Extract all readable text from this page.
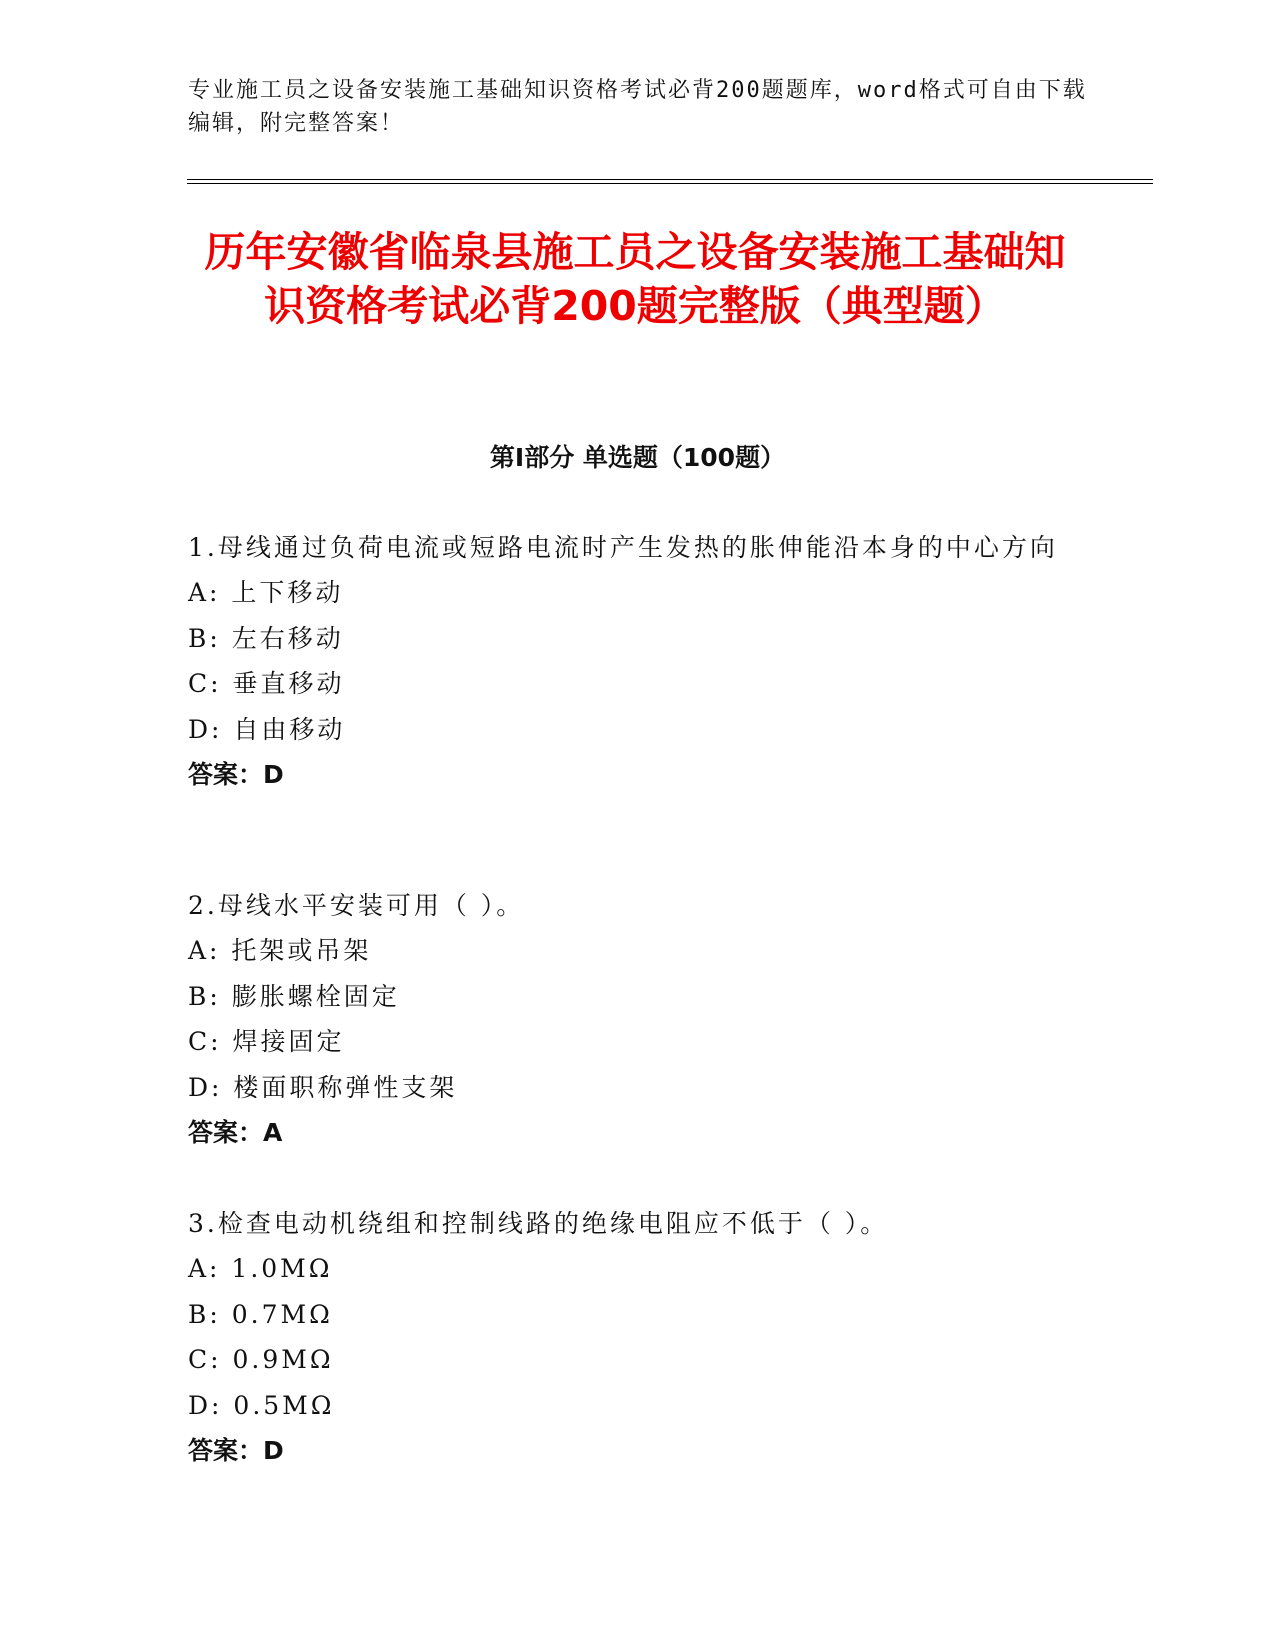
专业施工员之设备安装施工基础知识资格考试必背200题题库，word格式可自由下载编辑，附完整答案！
历年安徽省临泉县施工员之设备安装施工基础知识资格考试必背200题完整版（典型题）
第I部分 单选题（100题）
1.母线通过负荷电流或短路电流时产生发热的胀伸能沿本身的中心方向
A: 上下移动
B: 左右移动
C: 垂直移动
D: 自由移动
答案：D
2.母线水平安装可用（ ）。
A: 托架或吊架
B: 膨胀螺栓固定
C: 焊接固定
D: 楼面职称弹性支架
答案：A
3.检查电动机绕组和控制线路的绝缘电阻应不低于（ ）。
A: 1.0MΩ
B: 0.7MΩ
C: 0.9MΩ
D: 0.5MΩ
答案：D
